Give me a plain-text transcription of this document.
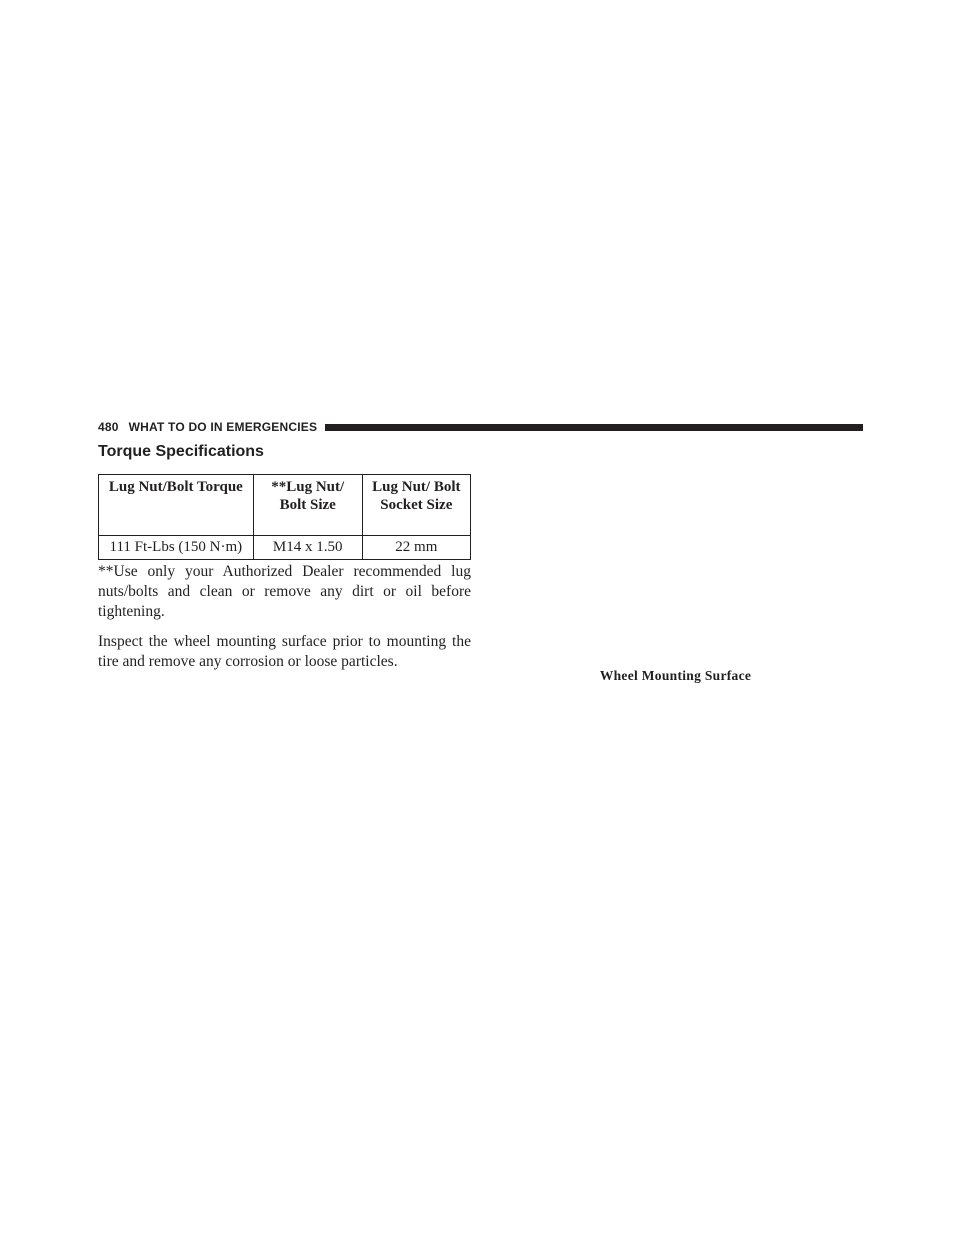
480 WHAT TO DO IN EMERGENCIES
Torque Specifications
Lug Nut/Bolt Torque	**Lug Nut/ Bolt Size	Lug Nut/ Bolt Socket Size
111 Ft-Lbs (150 N·m)	M14 x 1.50	22 mm

**Use only your Authorized Dealer recommended lug nuts/bolts and clean or remove any dirt or oil before tightening.

Inspect the wheel mounting surface prior to mounting the tire and remove any corrosion or loose particles.

Wheel Mounting Surface
